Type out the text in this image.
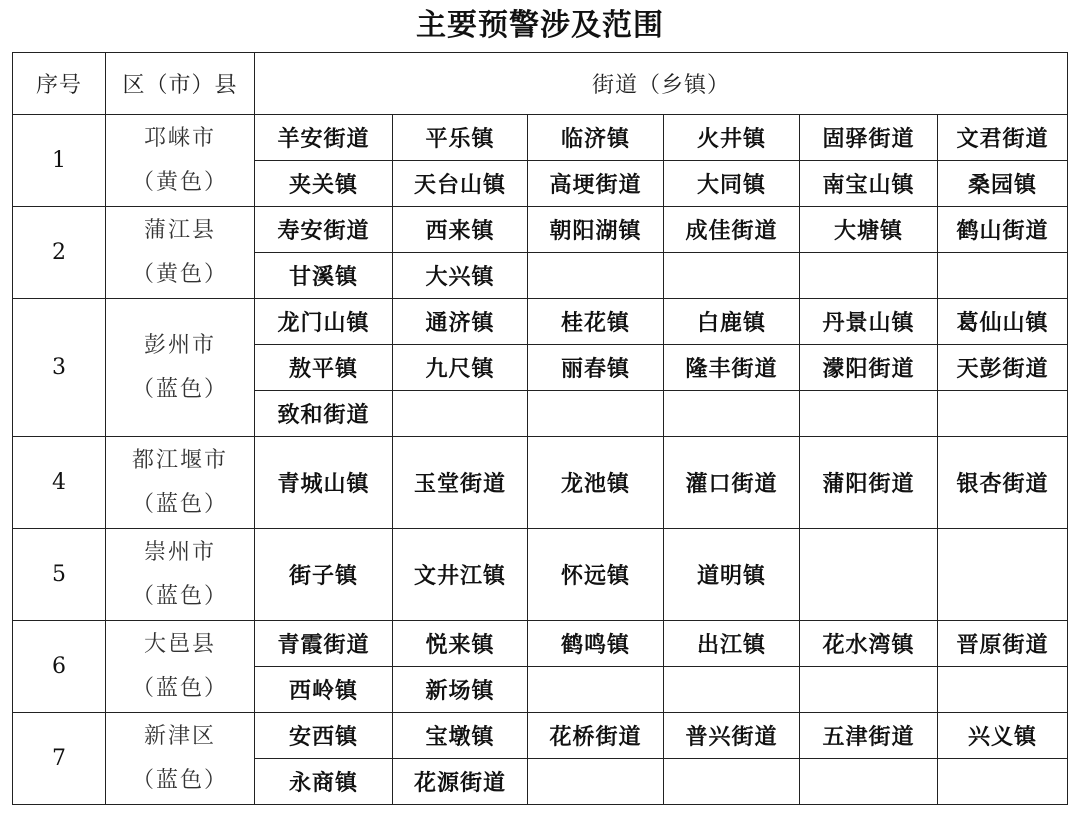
主要预警涉及范围
序号	区（市）县	街道（乡镇）					
1	邛崃市
（黄色）	羊安街道	平乐镇	临济镇	火井镇	固驿街道	文君街道
		夹关镇	天台山镇	高埂街道	大同镇	南宝山镇	桑园镇
2	蒲江县
（黄色）	寿安街道	西来镇	朝阳湖镇	成佳街道	大塘镇	鹤山街道
		甘溪镇	大兴镇				
3	彭州市
（蓝色）	龙门山镇	通济镇	桂花镇	白鹿镇	丹景山镇	葛仙山镇
		敖平镇	九尺镇	丽春镇	隆丰街道	濛阳街道	天彭街道
		致和街道					
4	都江堰市
（蓝色）	青城山镇	玉堂街道	龙池镇	灌口街道	蒲阳街道	银杏街道
5	崇州市
（蓝色）	街子镇	文井江镇	怀远镇	道明镇		
6	大邑县
（蓝色）	青霞街道	悦来镇	鹤鸣镇	出江镇	花水湾镇	晋原街道
		西岭镇	新场镇				
7	新津区
（蓝色）	安西镇	宝墩镇	花桥街道	普兴街道	五津街道	兴义镇
		永商镇	花源街道				
